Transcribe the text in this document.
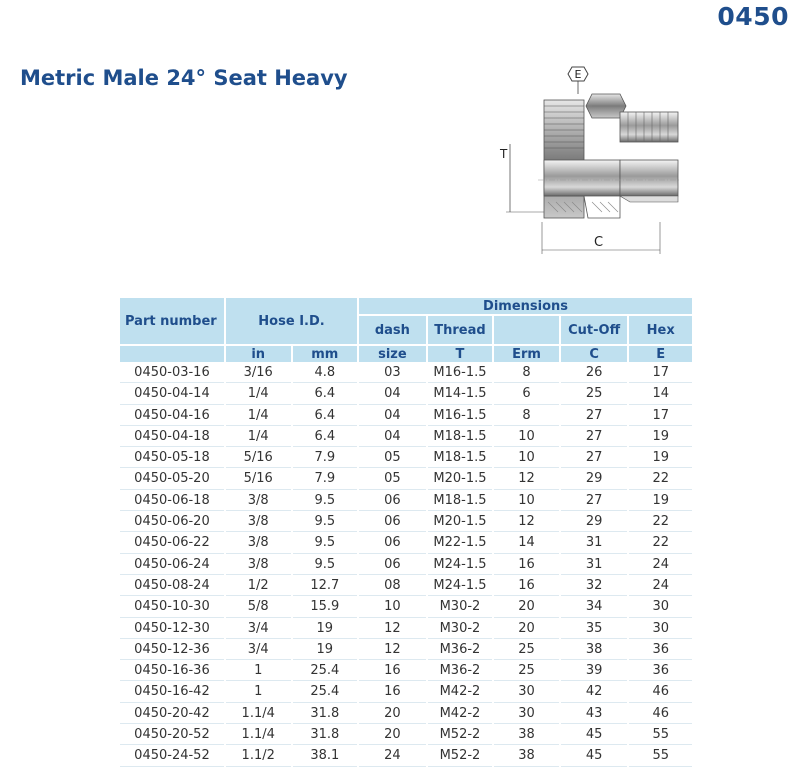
0450
Metric Male 24° Seat Heavy	E
T
C
Part number	Hose I.D.		Dimensions				
			dash	Thread		Cut-Off	Hex
	in	mm	size	T	Erm	C	E
0450-03-16	3/16	4.8	03	M16-1.5	8	26	17
0450-04-14	1/4	6.4	04	M14-1.5	6	25	14
0450-04-16	1/4	6.4	04	M16-1.5	8	27	17
0450-04-18	1/4	6.4	04	M18-1.5	10	27	19
0450-05-18	5/16	7.9	05	M18-1.5	10	27	19
0450-05-20	5/16	7.9	05	M20-1.5	12	29	22
0450-06-18	3/8	9.5	06	M18-1.5	10	27	19
0450-06-20	3/8	9.5	06	M20-1.5	12	29	22
0450-06-22	3/8	9.5	06	M22-1.5	14	31	22
0450-06-24	3/8	9.5	06	M24-1.5	16	31	24
0450-08-24	1/2	12.7	08	M24-1.5	16	32	24
0450-10-30	5/8	15.9	10	M30-2	20	34	30
0450-12-30	3/4	19	12	M30-2	20	35	30
0450-12-36	3/4	19	12	M36-2	25	38	36
0450-16-36	1	25.4	16	M36-2	25	39	36
0450-16-42	1	25.4	16	M42-2	30	42	46
0450-20-42	1.1/4	31.8	20	M42-2	30	43	46
0450-20-52	1.1/4	31.8	20	M52-2	38	45	55
0450-24-52	1.1/2	38.1	24	M52-2	38	45	55
